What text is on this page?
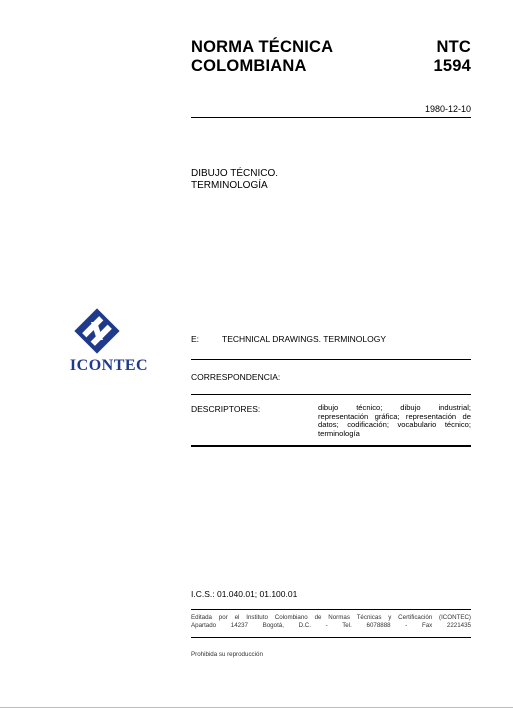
NORMA TÉCNICA
COLOMBIANA
NTC
1594
1980-12-10
DIBUJO TÉCNICO.
TERMINOLOGÍA
ICONTEC
E:	TECHNICAL DRAWINGS. TERMINOLOGY
CORRESPONDENCIA:
DESCRIPTORES:	dibujo técnico; dibujo industrial; representación gráfica; representación de datos; codificación; vocabulario técnico; terminología
I.C.S.: 01.040.01; 01.100.01
Editada por el Instituto Colombiano de Normas Técnicas y Certificación (ICONTEC)
Apartado 14237 Bogotá, D.C. - Tel. 6078888 - Fax 2221435
Prohibida su reproducción
